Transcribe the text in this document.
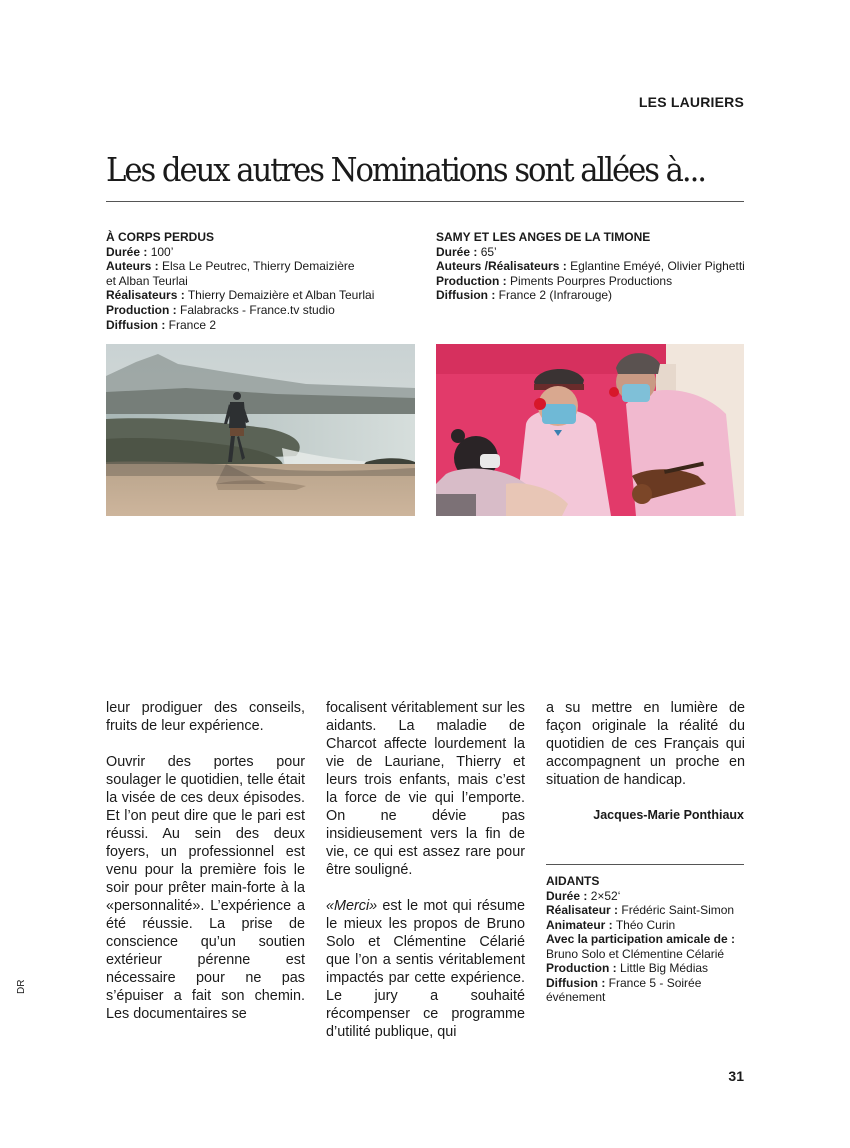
LES LAURIERS
Les deux autres Nominations sont allées à...
À CORPS PERDUS
Durée : 100’
Auteurs : Elsa Le Peutrec, Thierry Demaizière
et Alban Teurlai
Réalisateurs : Thierry Demaizière et Alban Teurlai
Production : Falabracks - France.tv studio
Diffusion : France 2
SAMY ET LES ANGES DE LA TIMONE
Durée : 65’
Auteurs /Réalisateurs : Eglantine Eméyé, Olivier Pighetti
Production : Piments Pourpres Productions
Diffusion : France 2 (Infrarouge)

leur prodiguer des conseils, fruits de leur expérience.

Ouvrir des portes pour soulager le quotidien, telle était la visée de ces deux épisodes. Et l’on peut dire que le pari est réussi. Au sein des deux foyers, un professionnel est venu pour la première fois le soir pour prêter main-forte à la «personnalité». L’expérience a été réussie. La prise de conscience qu’un soutien extérieur pérenne est nécessaire pour ne pas s’épuiser a fait son chemin. Les documentaires se

focalisent véritablement sur les aidants. La maladie de Charcot affecte lourdement la vie de Lauriane, Thierry et leurs trois enfants, mais c’est la force de vie qui l’emporte. On ne dévie pas insidieusement vers la fin de vie, ce qui est assez rare pour être souligné.

«Merci» est le mot qui résume le mieux les propos de Bruno Solo et Clémentine Célarié que l’on a sentis véritablement impactés par cette expérience. Le jury a souhaité récompenser ce programme d’utilité publique, qui

a su mettre en lumière de façon originale la réalité du quotidien de ces Français qui accompagnent un proche en situation de handicap.

Jacques-Marie Ponthiaux
AIDANTS
Durée : 2×52‘
Réalisateur : Frédéric Saint-Simon
Animateur : Théo Curin
Avec la participation amicale de :
Bruno Solo et Clémentine Célarié
Production : Little Big Médias
Diffusion : France 5 - Soirée
événement
DR
31
